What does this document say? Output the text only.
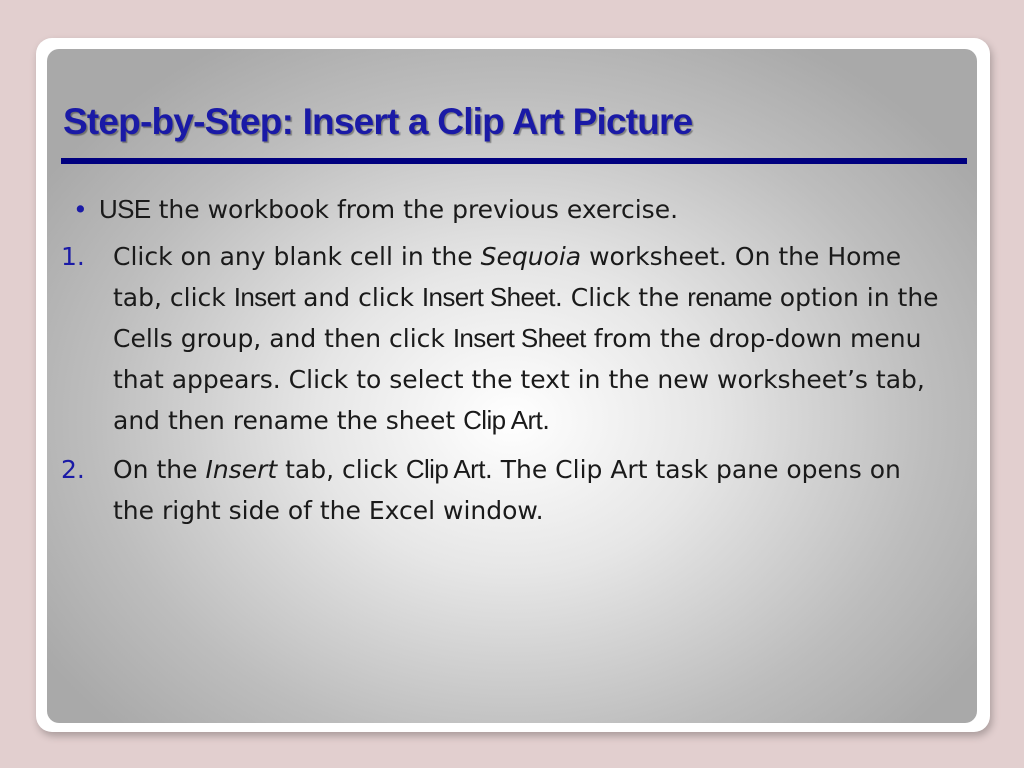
Step-by-Step: Insert a Clip Art Picture
• USE the workbook from the previous exercise.
1. Click on any blank cell in the Sequoia worksheet. On the Home tab, click Insert and click Insert Sheet. Click the rename option in the Cells group, and then click Insert Sheet from the drop-down menu that appears. Click to select the text in the new worksheet’s tab, and then rename the sheet Clip Art.
2. On the Insert tab, click Clip Art. The Clip Art task pane opens on the right side of the Excel window.
